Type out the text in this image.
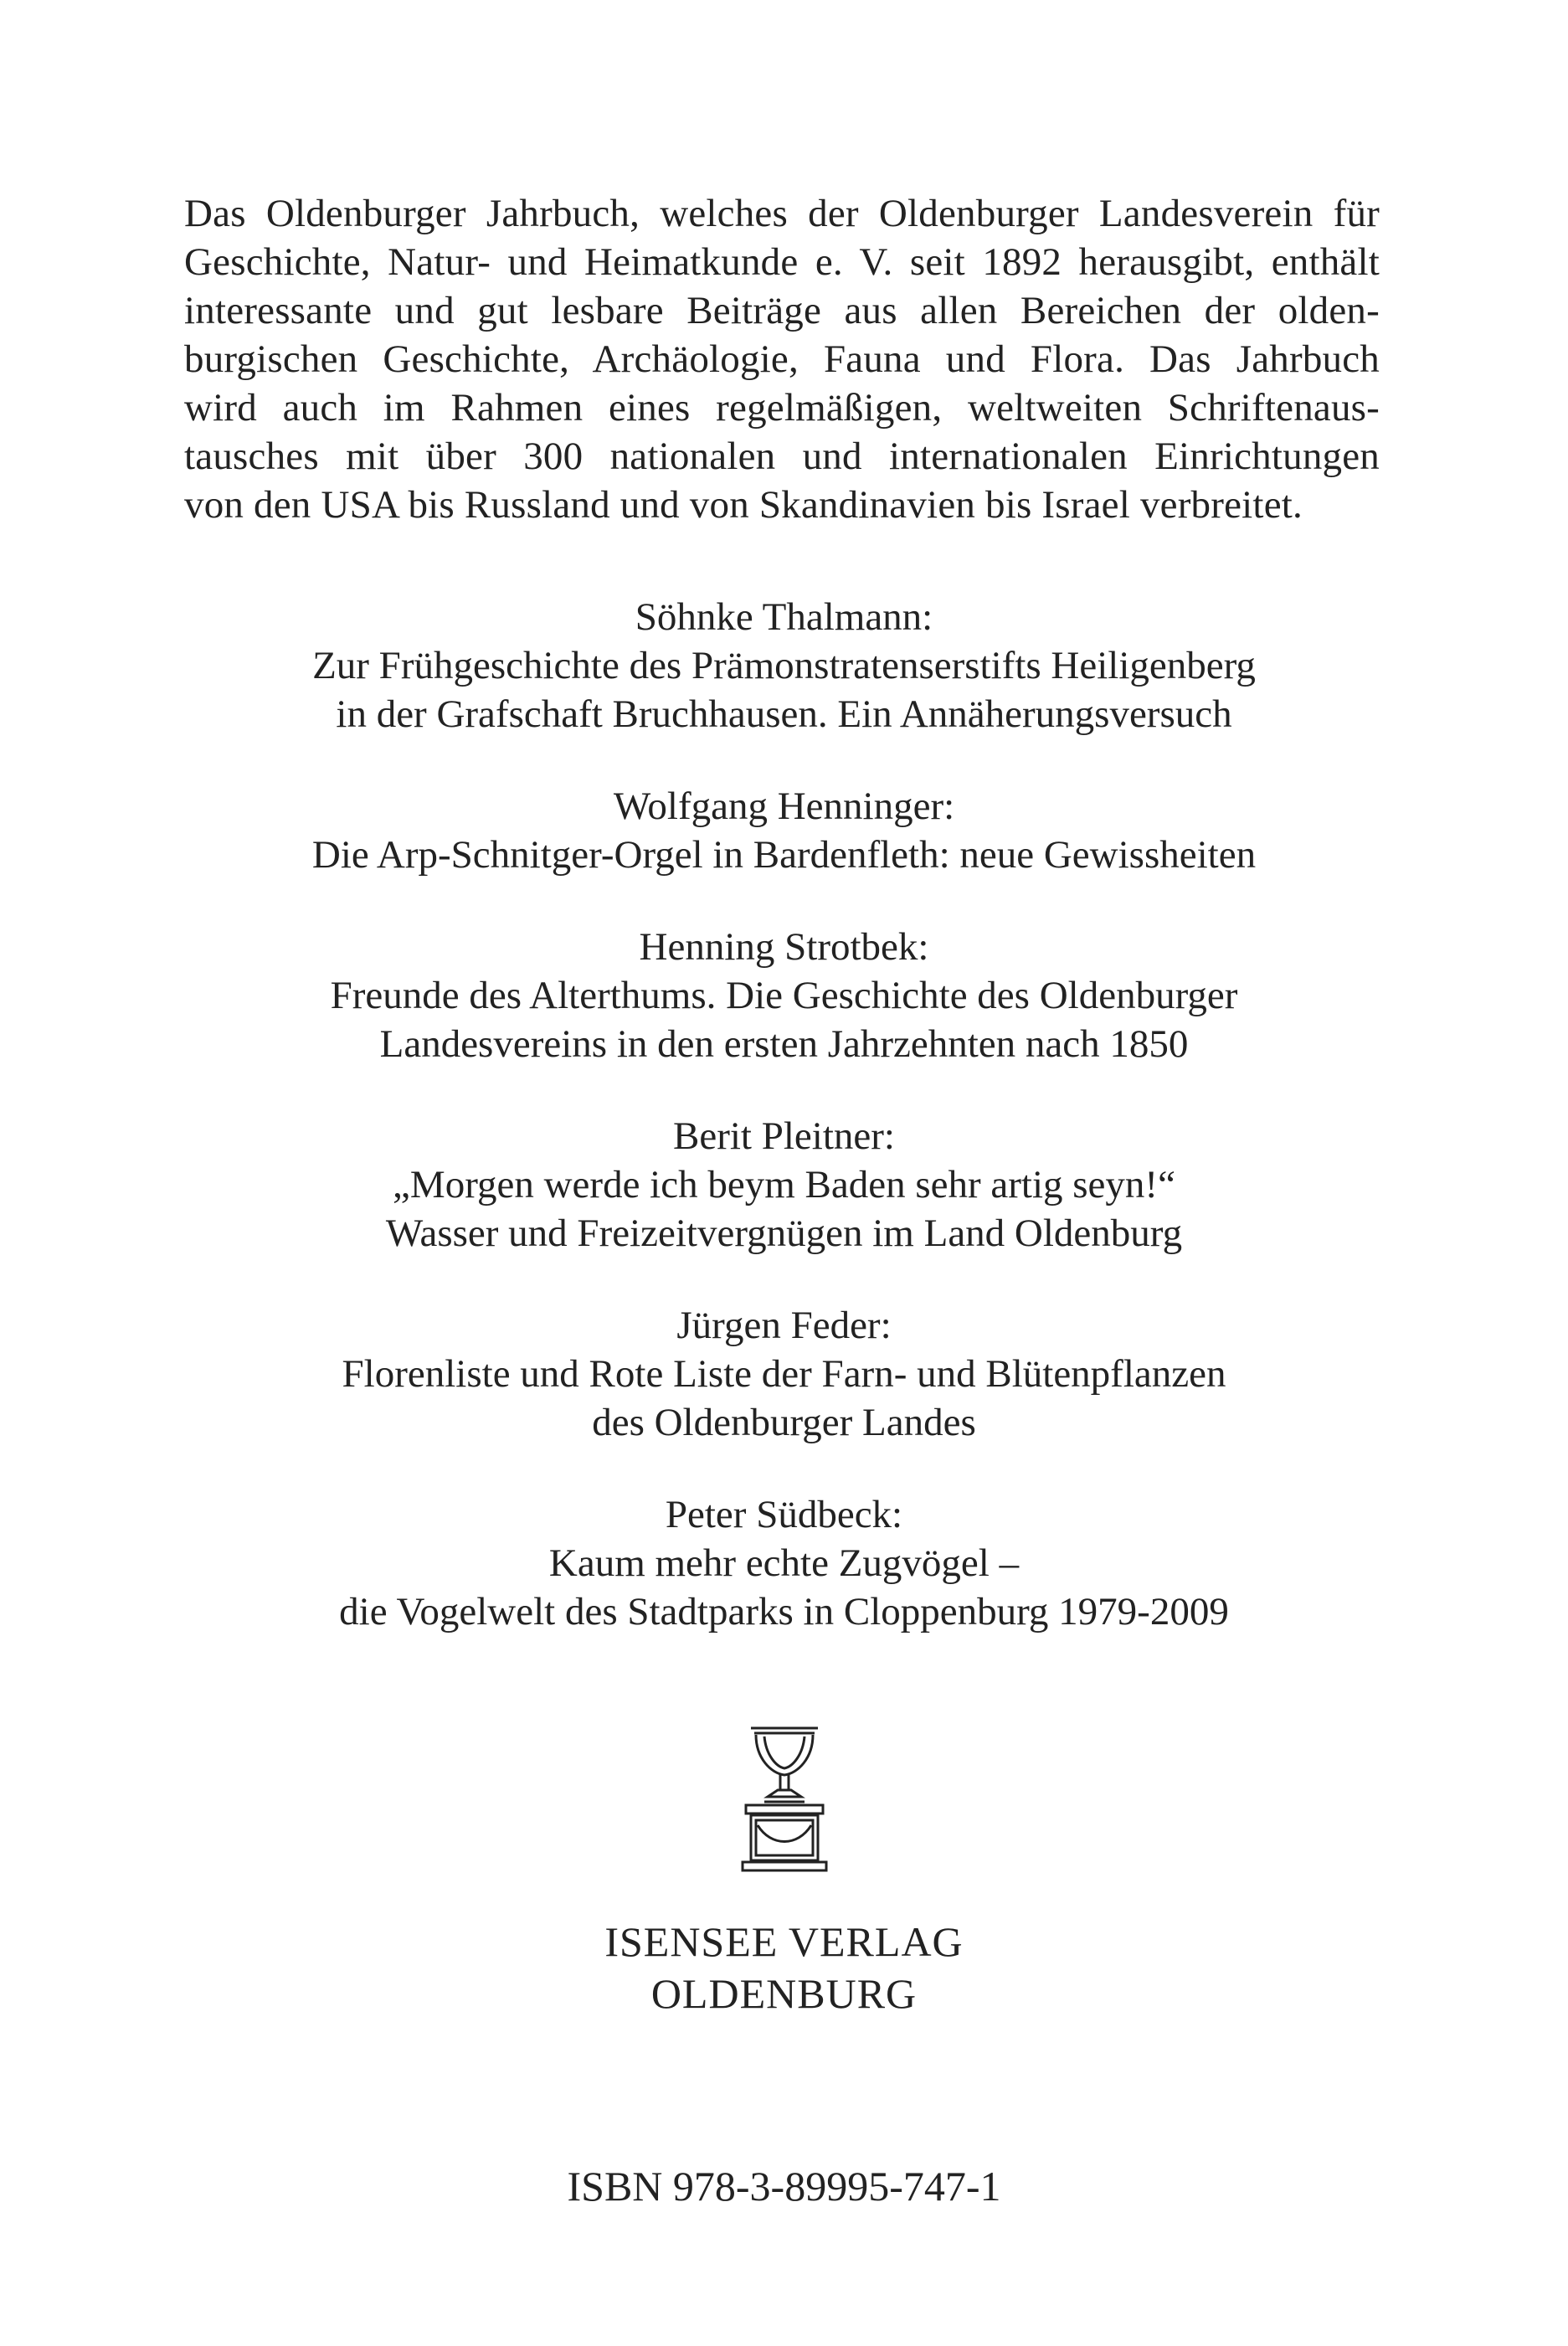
Das Oldenburger Jahrbuch, welches der Oldenburger Landesverein für
Geschichte, Natur- und Heimatkunde e. V. seit 1892 herausgibt, enthält
interessante und gut lesbare Beiträge aus allen Bereichen der olden-
burgischen Geschichte, Archäologie, Fauna und Flora. Das Jahrbuch
wird auch im Rahmen eines regelmäßigen, weltweiten Schriftenaus-
tausches mit über 300 nationalen und internationalen Einrichtungen
von den USA bis Russland und von Skandinavien bis Israel verbreitet.
Söhnke Thalmann:
Zur Frühgeschichte des Prämonstratenserstifts Heiligenberg
in der Grafschaft Bruchhausen. Ein Annäherungsversuch
Wolfgang Henninger:
Die Arp-Schnitger-Orgel in Bardenfleth: neue Gewissheiten
Henning Strotbek:
Freunde des Alterthums. Die Geschichte des Oldenburger
Landesvereins in den ersten Jahrzehnten nach 1850
Berit Pleitner:
„Morgen werde ich beym Baden sehr artig seyn!“
Wasser und Freizeitvergnügen im Land Oldenburg
Jürgen Feder:
Florenliste und Rote Liste der Farn- und Blütenpflanzen
des Oldenburger Landes
Peter Südbeck:
Kaum mehr echte Zugvögel –
die Vogelwelt des Stadtparks in Cloppenburg 1979-2009
ISENSEE VERLAG
OLDENBURG
ISBN 978-3-89995-747-1
